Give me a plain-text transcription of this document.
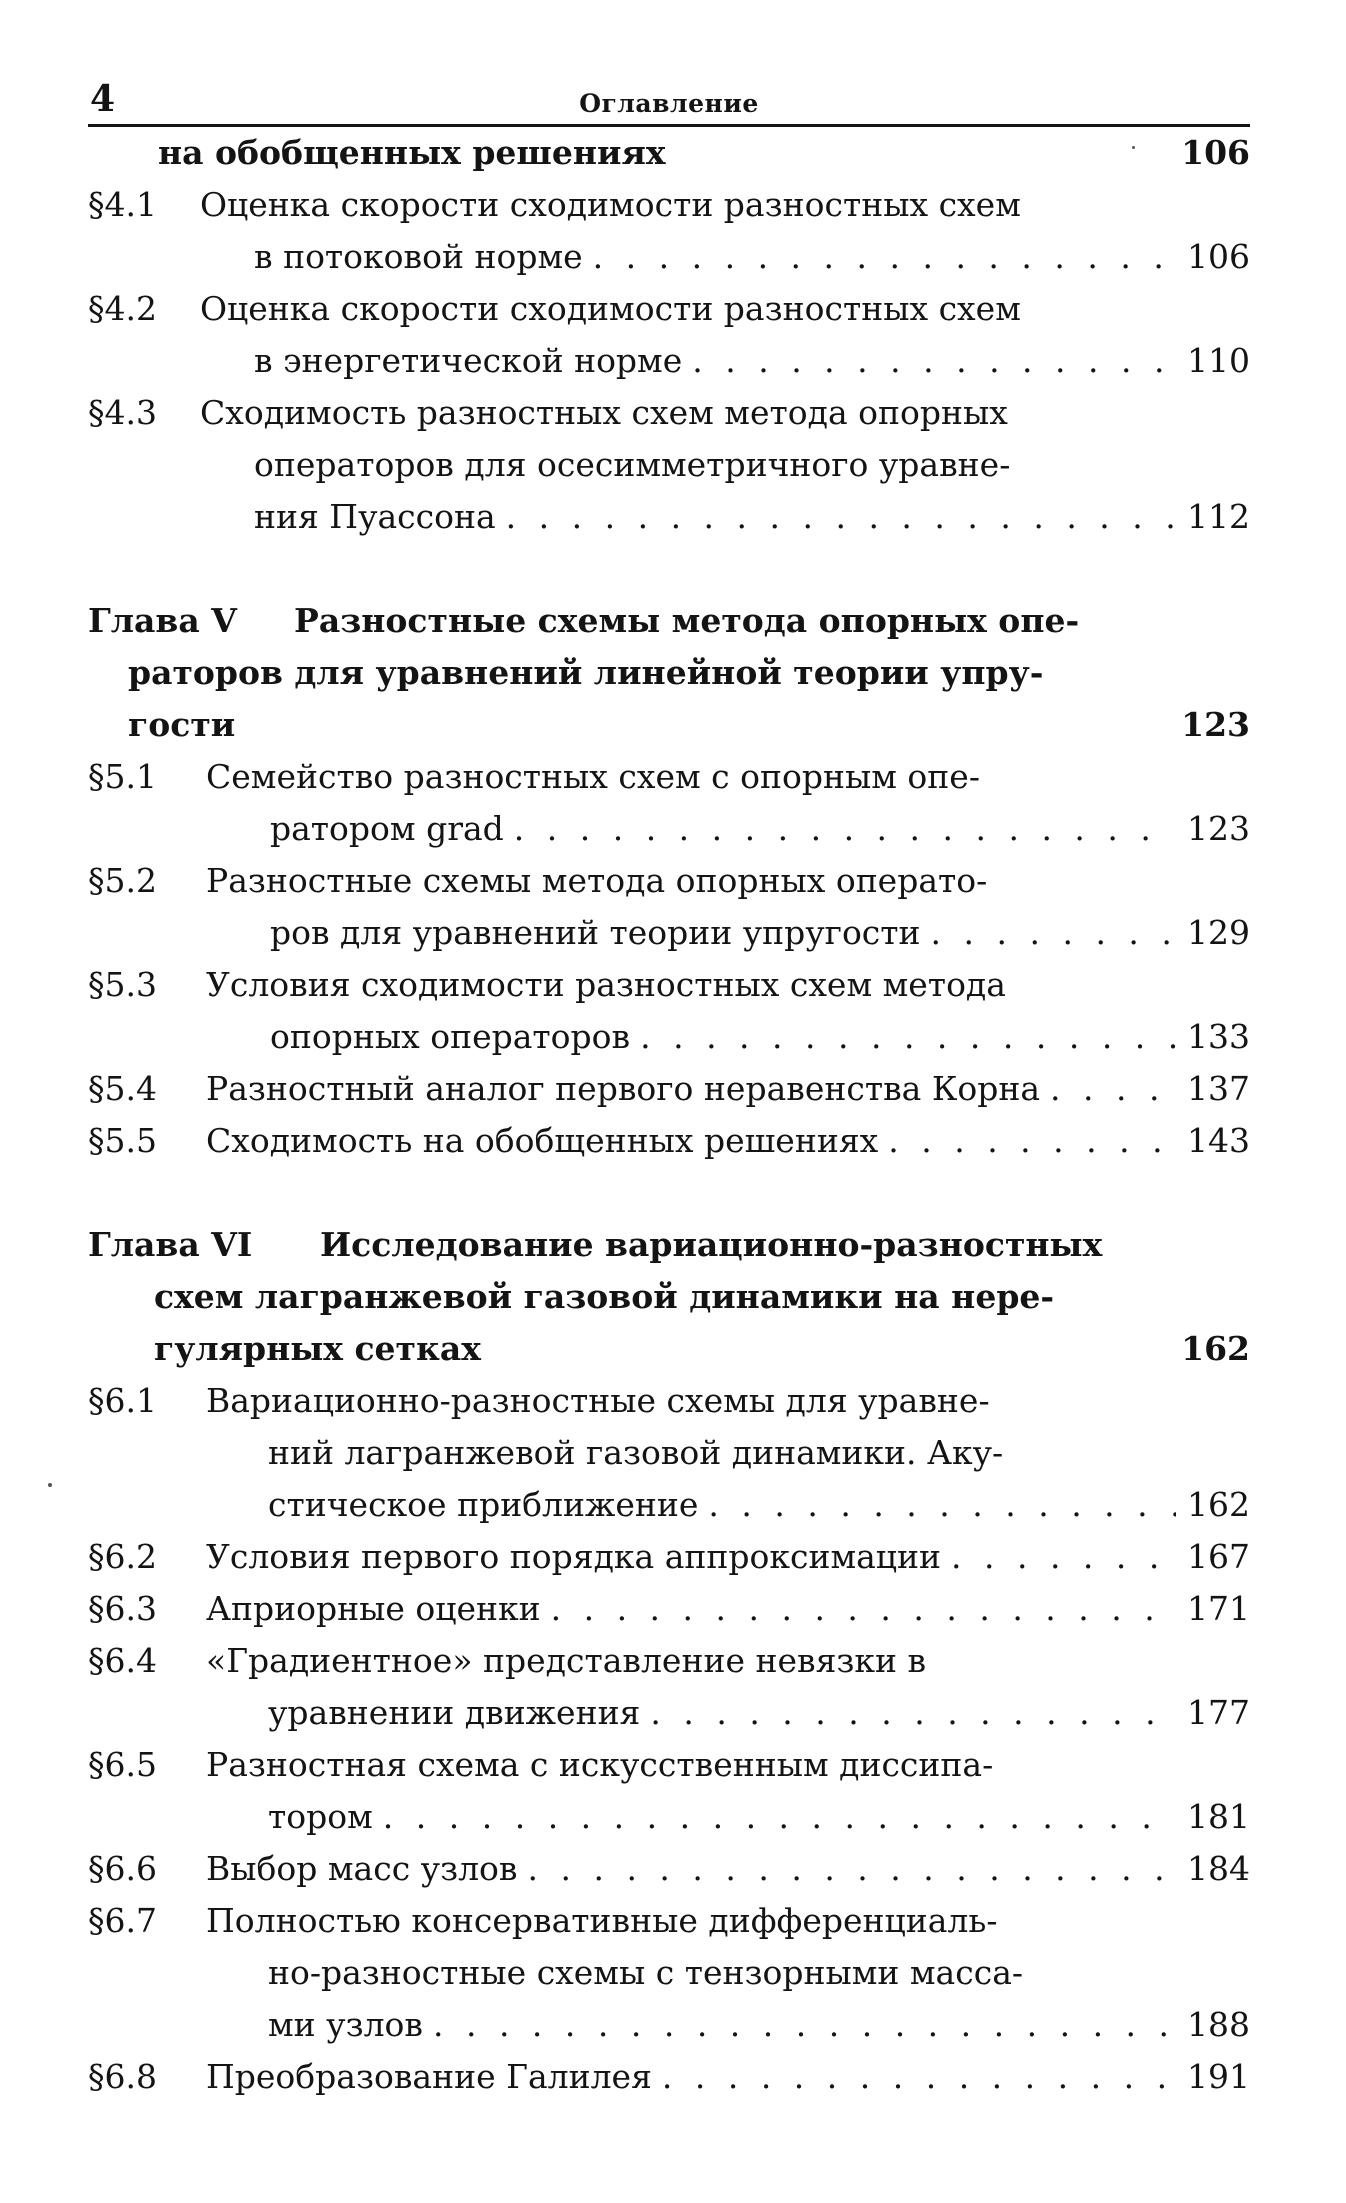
4	Оглавление
на обобщенных решениях	106
§4.1	Оценка скорости сходимости разностных схем
в потоковой норме . . .	106
§4.2	Оценка скорости сходимости разностных схем
в энергетической норме . . .	110
§4.3	Сходимость разностных схем метода опорных
операторов для осесимметричного уравне-
ния Пуассона . . .	112
Глава V	Разностные схемы метода опорных опе-
раторов для уравнений линейной теории упру-
гости	123
§5.1	Семейство разностных схем с опорным опе-
ратором grad . . .	123
§5.2	Разностные схемы метода опорных операто-
ров для уравнений теории упругости . . .	129
§5.3	Условия сходимости разностных схем метода
опорных операторов . . .	133
§5.4	Разностный аналог первого неравенства Корна . . .	137
§5.5	Сходимость на обобщенных решениях . . .	143
Глава VI	Исследование вариационно-разностных
схем лагранжевой газовой динамики на нере-
гулярных сетках	162
§6.1	Вариационно-разностные схемы для уравне-
ний лагранжевой газовой динамики. Аку-
стическое приближение . . .	162
§6.2	Условия первого порядка аппроксимации . . .	167
§6.3	Априорные оценки . . .	171
§6.4	«Градиентное» представление невязки в
уравнении движения . . .	177
§6.5	Разностная схема с искусственным диссипа-
тором . . .	181
§6.6	Выбор масс узлов . . .	184
§6.7	Полностью консервативные дифференциаль-
но-разностные схемы с тензорными масса-
ми узлов . . .	188
§6.8	Преобразование Галилея . . .	191
